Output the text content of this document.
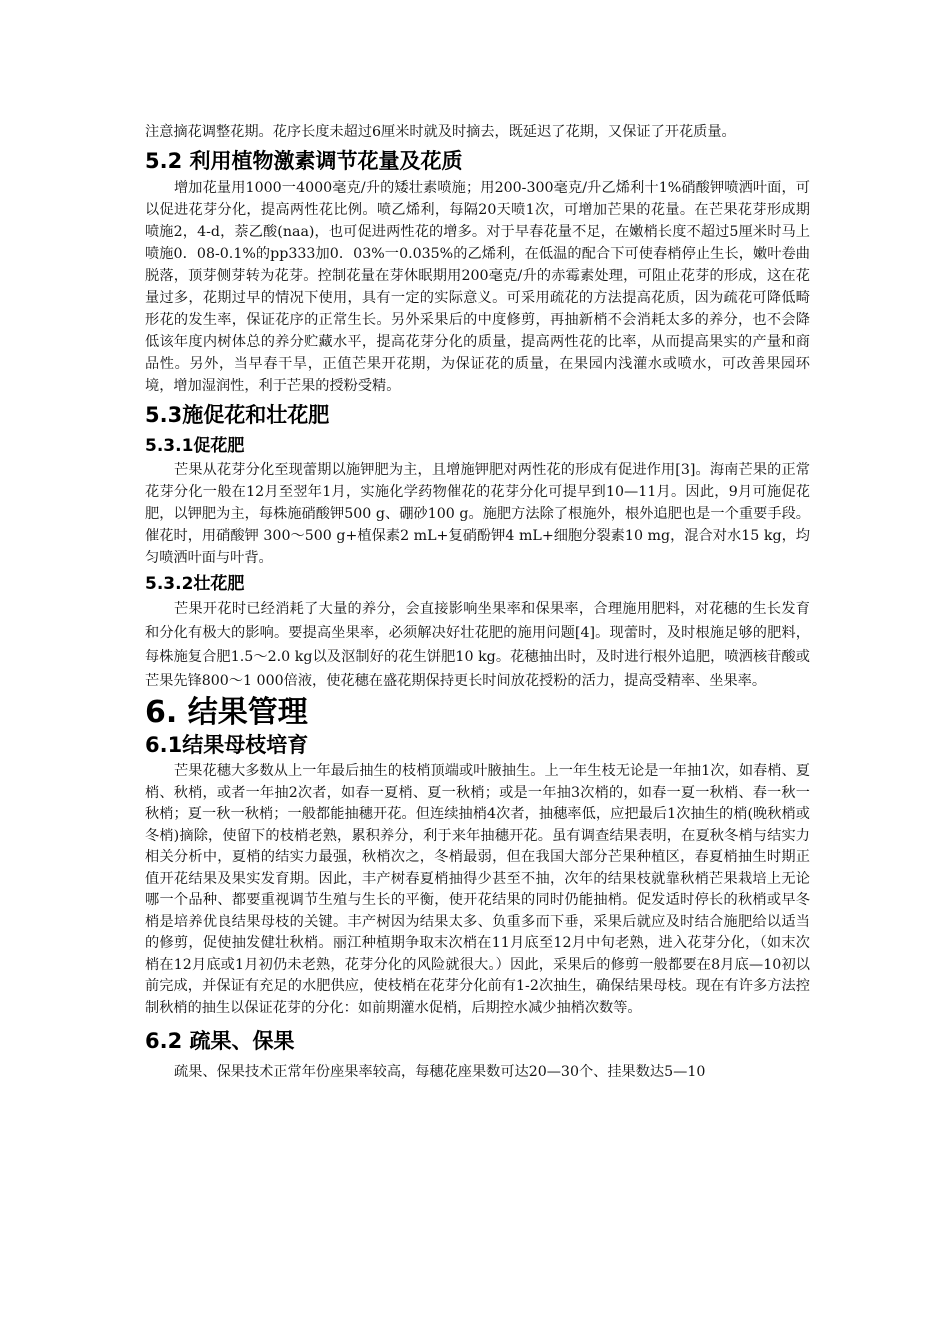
注意摘花调整花期。花序长度未超过6厘米时就及时摘去，既延迟了花期，又保证了开花质量。

5.2 利用植物激素调节花量及花质

增加花量用1000一4000毫克/升的矮壮素喷施；用200-300毫克/升乙烯利十1%硝酸钾喷洒叶面，可以促进花芽分化，提高两性花比例。喷乙烯利，每隔20天喷1次，可增加芒果的花量。在芒果花芽形成期喷施2，4-d，萘乙酸(naa)，也可促进两性花的增多。对于早春花量不足，在嫩梢长度不超过5厘米时马上喷施0．08-0.1%的pp333加0．03%一0.035%的乙烯利，在低温的配合下可使春梢停止生长，嫩叶卷曲脱落，顶芽侧芽转为花芽。控制花量在芽休眠期用200毫克/升的赤霉素处理，可阻止花芽的形成，这在花量过多，花期过早的情况下使用，具有一定的实际意义。可采用疏花的方法提高花质，因为疏花可降低畸形花的发生率，保证花序的正常生长。另外采果后的中度修剪，再抽新梢不会消耗太多的养分，也不会降低该年度内树体总的养分贮藏水平，提高花芽分化的质量，提高两性花的比率，从而提高果实的产量和商品性。另外，当早春干旱，正值芒果开花期，为保证花的质量，在果园内浅灌水或喷水，可改善果园环境，增加湿润性，利于芒果的授粉受精。

5.3施促花和壮花肥
5.3.1促花肥

芒果从花芽分化至现蕾期以施钾肥为主，且增施钾肥对两性花的形成有促进作用[3]。海南芒果的正常花芽分化一般在12月至翌年1月，实施化学药物催花的花芽分化可提早到10—11月。因此，9月可施促花肥，以钾肥为主，每株施硝酸钾500 g、硼砂100 g。施肥方法除了根施外，根外追肥也是一个重要手段。催花时，用硝酸钾 300～500 g+植保素2 mL+复硝酚钾4 mL+细胞分裂素10 mg，混合对水15 kg，均匀喷洒叶面与叶背。

5.3.2壮花肥

芒果开花时已经消耗了大量的养分，会直接影响坐果率和保果率，合理施用肥料，对花穗的生长发育和分化有极大的影响。要提高坐果率，必须解决好壮花肥的施用问题[4]。现蕾时，及时根施足够的肥料，每株施复合肥1.5～2.0 kg以及沤制好的花生饼肥10 kg。花穗抽出时，及时进行根外追肥，喷洒核苷酸或芒果先锋800～1 000倍液，使花穗在盛花期保持更长时间放花授粉的活力，提高受精率、坐果率。

6. 结果管理
6.1结果母枝培育

芒果花穗大多数从上一年最后抽生的枝梢顶端或叶腋抽生。上一年生枝无论是一年抽1次，如春梢、夏梢、秋梢，或者一年抽2次者，如春一夏梢、夏一秋梢；或是一年抽3次梢的，如春一夏一秋梢、春一秋一秋梢；夏一秋一秋梢；一般都能抽穗开花。但连续抽梢4次者，抽穗率低，应把最后1次抽生的梢(晚秋梢或冬梢)摘除，使留下的枝梢老熟，累积养分，利于来年抽穗开花。虽有调查结果表明，在夏秋冬梢与结实力相关分析中，夏梢的结实力最强，秋梢次之，冬梢最弱，但在我国大部分芒果种植区，春夏梢抽生时期正值开花结果及果实发育期。因此，丰产树春夏梢抽得少甚至不抽，次年的结果枝就靠秋梢芒果栽培上无论哪一个品种、都要重视调节生殖与生长的平衡，使开花结果的同时仍能抽梢。促发适时停长的秋梢或早冬梢是培养优良结果母枝的关键。丰产树因为结果太多、负重多而下垂，采果后就应及时结合施肥给以适当的修剪，促使抽发健壮秋梢。丽江种植期争取末次梢在11月底至12月中旬老熟，进入花芽分化，（如末次梢在12月底或1月初仍未老熟，花芽分化的风险就很大。）因此，采果后的修剪一般都要在8月底—10初以前完成，并保证有充足的水肥供应，使枝梢在花芽分化前有1-2次抽生，确保结果母枝。现在有许多方法控制秋梢的抽生以保证花芽的分化：如前期灌水促梢，后期控水减少抽梢次数等。

6.2 疏果、保果

疏果、保果技术正常年份座果率较高，每穗花座果数可达20—30个、挂果数达5—10
